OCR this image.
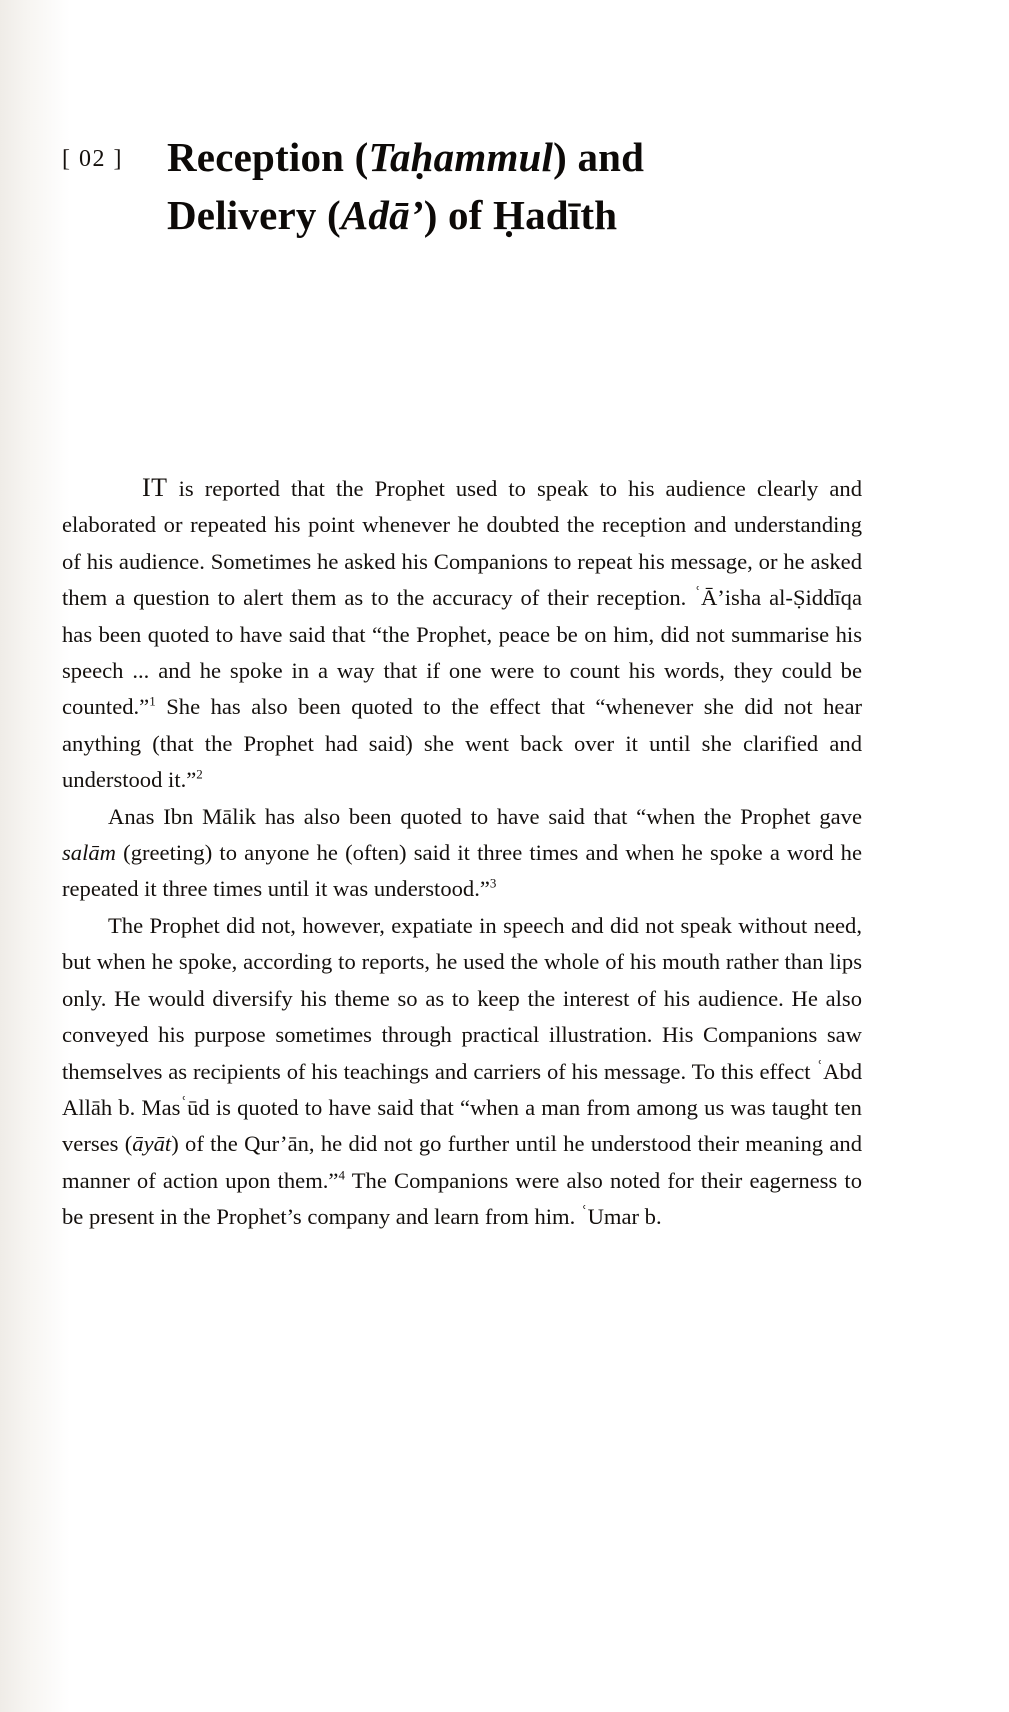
[ 02 ]	Reception (Taḥammul) and
Delivery (Adā’) of Ḥadīth

IT is reported that the Prophet used to speak to his audience clearly and elaborated or repeated his point whenever he doubted the reception and understanding of his audience. Sometimes he asked his Companions to repeat his message, or he asked them a question to alert them as to the accuracy of their reception. ʿĀ’isha al-Ṣiddīqa has been quoted to have said that “the Prophet, peace be on him, did not summarise his speech ... and he spoke in a way that if one were to count his words, they could be counted.”$^1$ She has also been quoted to the effect that “whenever she did not hear anything (that the Prophet had said) she went back over it until she clarified and understood it.”$^2$

Anas Ibn Mālik has also been quoted to have said that “when the Prophet gave salām (greeting) to anyone he (often) said it three times and when he spoke a word he repeated it three times until it was understood.”$^3$

The Prophet did not, however, expatiate in speech and did not speak without need, but when he spoke, according to reports, he used the whole of his mouth rather than lips only. He would diversify his theme so as to keep the interest of his audience. He also conveyed his purpose sometimes through practical illustration. His Companions saw themselves as recipients of his teachings and carriers of his message. To this effect ʿAbd Allāh b. Masʿūd is quoted to have said that “when a man from among us was taught ten verses (āyāt) of the Qur’ān, he did not go further until he understood their meaning and manner of action upon them.”$^4$ The Companions were also noted for their eagerness to be present in the Prophet’s company and learn from him. ʿUmar b.
